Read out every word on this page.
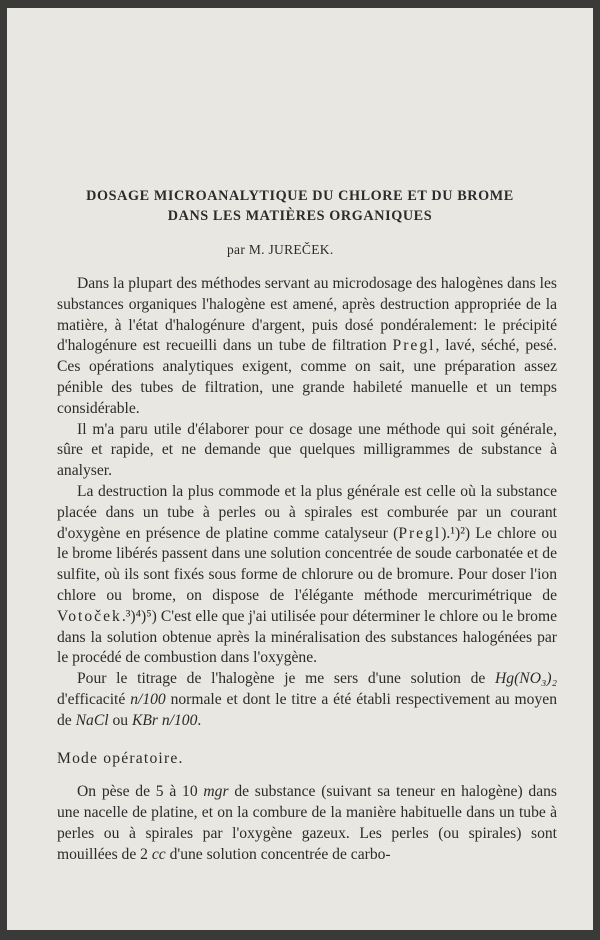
DOSAGE MICROANALYTIQUE DU CHLORE ET DU BROME
DANS LES MATIÈRES ORGANIQUES
par M. JUREČEK.

Dans la plupart des méthodes servant au microdosage des halogènes dans les substances organiques l'halogène est amené, après destruction appropriée de la matière, à l'état d'halogénure d'argent, puis dosé pondéralement: le précipité d'halogénure est recueilli dans un tube de filtration Pregl, lavé, séché, pesé. Ces opérations analytiques exigent, comme on sait, une préparation assez pénible des tubes de filtration, une grande habileté manuelle et un temps considérable.

Il m'a paru utile d'élaborer pour ce dosage une méthode qui soit générale, sûre et rapide, et ne demande que quelques milligrammes de substance à analyser.

La destruction la plus commode et la plus générale est celle où la substance placée dans un tube à perles ou à spirales est comburée par un courant d'oxygène en présence de platine comme catalyseur (Pregl).¹)²) Le chlore ou le brome libérés passent dans une solution concentrée de soude carbonatée et de sulfite, où ils sont fixés sous forme de chlorure ou de bromure. Pour doser l'ion chlore ou brome, on dispose de l'élégante méthode mercurimétrique de Votoček.³)⁴)⁵) C'est elle que j'ai utilisée pour déterminer le chlore ou le brome dans la solution obtenue après la minéralisation des substances halogénées par le procédé de combustion dans l'oxygène.

Pour le titrage de l'halogène je me sers d'une solution de Hg(NO₃)₂ d'efficacité n/100 normale et dont le titre a été établi respectivement au moyen de NaCl ou KBr n/100.

Mode opératoire.

On pèse de 5 à 10 mgr de substance (suivant sa teneur en halogène) dans une nacelle de platine, et on la combure de la manière habituelle dans un tube à perles ou à spirales par l'oxygène gazeux. Les perles (ou spirales) sont mouillées de 2 cc d'une solution concentrée de carbo-
